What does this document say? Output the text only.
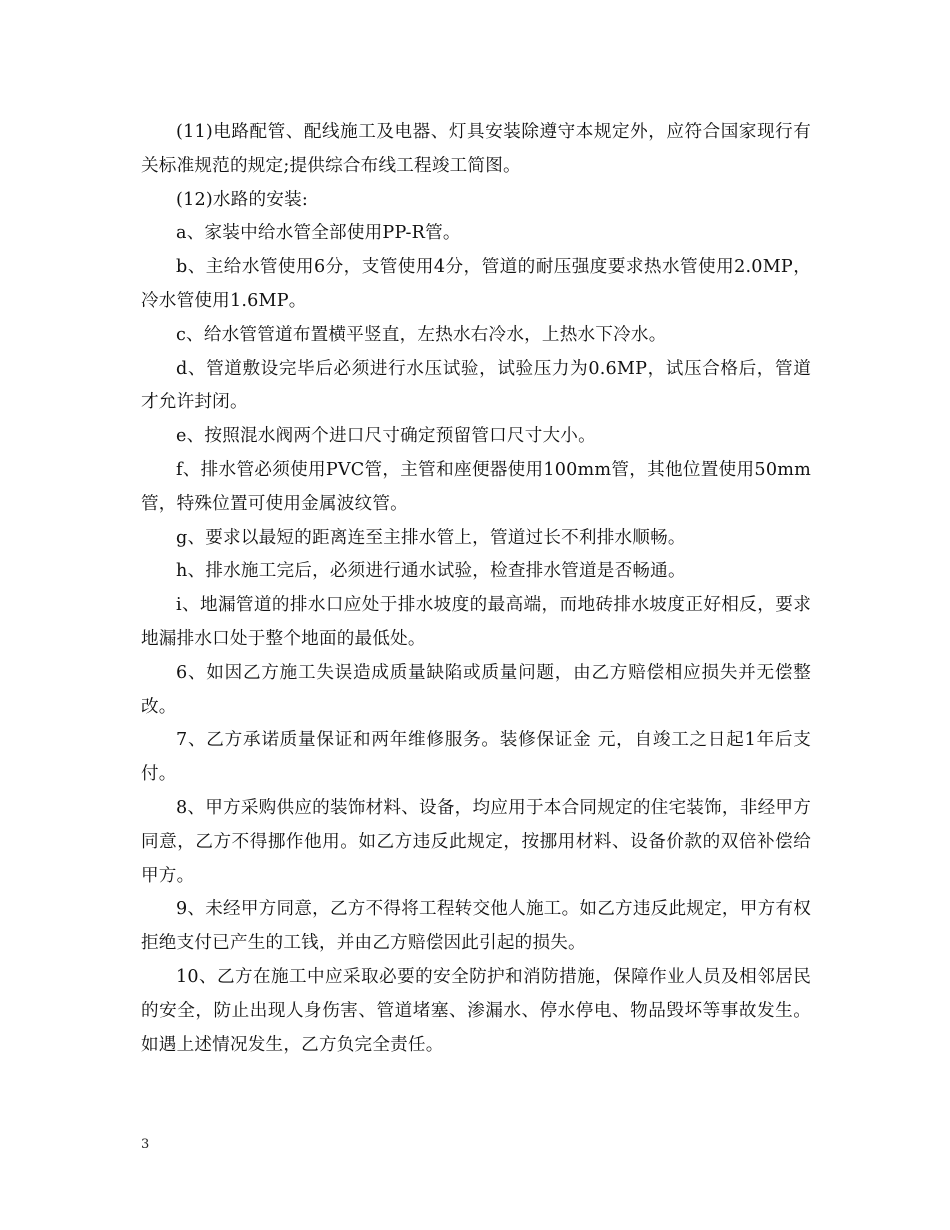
(11)电路配管、配线施工及电器、灯具安装除遵守本规定外，应符合国家现行有关标准规范的规定;提供综合布线工程竣工简图。

(12)水路的安装:

a、家装中给水管全部使用PP-R管。

b、主给水管使用6分，支管使用4分，管道的耐压强度要求热水管使用2.0MP，冷水管使用1.6MP。

c、给水管管道布置横平竖直，左热水右冷水，上热水下冷水。

d、管道敷设完毕后必须进行水压试验，试验压力为0.6MP，试压合格后，管道才允许封闭。

e、按照混水阀两个进口尺寸确定预留管口尺寸大小。

f、排水管必须使用PVC管，主管和座便器使用100mm管，其他位置使用50mm管，特殊位置可使用金属波纹管。

g、要求以最短的距离连至主排水管上，管道过长不利排水顺畅。

h、排水施工完后，必须进行通水试验，检查排水管道是否畅通。

i、地漏管道的排水口应处于排水坡度的最高端，而地砖排水坡度正好相反，要求地漏排水口处于整个地面的最低处。

6、如因乙方施工失误造成质量缺陷或质量问题，由乙方赔偿相应损失并无偿整改。

7、乙方承诺质量保证和两年维修服务。装修保证金 元，自竣工之日起1年后支付。

8、甲方采购供应的装饰材料、设备，均应用于本合同规定的住宅装饰，非经甲方同意，乙方不得挪作他用。如乙方违反此规定，按挪用材料、设备价款的双倍补偿给甲方。

9、未经甲方同意，乙方不得将工程转交他人施工。如乙方违反此规定，甲方有权拒绝支付已产生的工钱，并由乙方赔偿因此引起的损失。

10、乙方在施工中应采取必要的安全防护和消防措施，保障作业人员及相邻居民的安全，防止出现人身伤害、管道堵塞、渗漏水、停水停电、物品毁坏等事故发生。如遇上述情况发生，乙方负完全责任。

3
